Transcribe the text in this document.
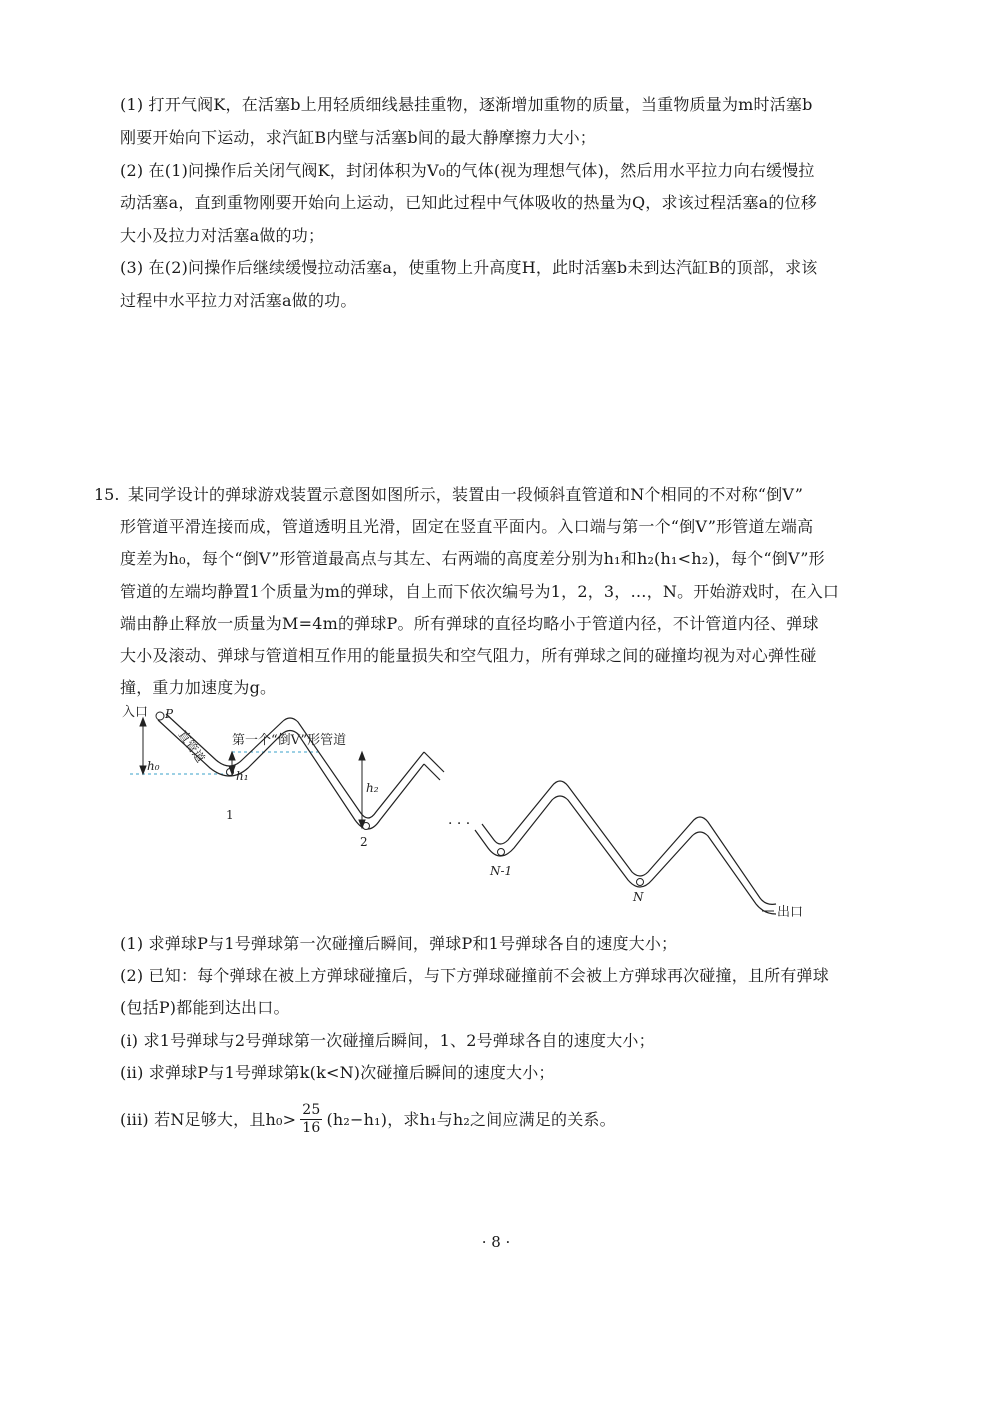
(1) 打开气阀K，在活塞b上用轻质细线悬挂重物，逐渐增加重物的质量，当重物质量为m时活塞b
刚要开始向下运动，求汽缸B内壁与活塞b间的最大静摩擦力大小；
(2) 在(1)问操作后关闭气阀K，封闭体积为V₀的气体(视为理想气体)，然后用水平拉力向右缓慢拉
动活塞a，直到重物刚要开始向上运动，已知此过程中气体吸收的热量为Q，求该过程活塞a的位移
大小及拉力对活塞a做的功；
(3) 在(2)问操作后继续缓慢拉动活塞a，使重物上升高度H，此时活塞b未到达汽缸B的顶部，求该
过程中水平拉力对活塞a做的功。
15. 某同学设计的弹球游戏装置示意图如图所示，装置由一段倾斜直管道和N个相同的不对称“倒V”
形管道平滑连接而成，管道透明且光滑，固定在竖直平面内。入口端与第一个“倒V”形管道左端高
度差为h₀，每个“倒V”形管道最高点与其左、右两端的高度差分别为h₁和h₂(h₁<h₂)，每个“倒V”形
管道的左端均静置1个质量为m的弹球，自上而下依次编号为1，2，3，…，N。开始游戏时，在入口
端由静止释放一质量为M=4m的弹球P。所有弹球的直径均略小于管道内径，不计管道内径、弹球
大小及滚动、弹球与管道相互作用的能量损失和空气阻力，所有弹球之间的碰撞均视为对心弹性碰
撞，重力加速度为g。
· · ·
入口 P
直管道 第一个“倒V”形管道
h₀
h₁
h₂
1
2
N-1
N
出口
(1) 求弹球P与1号弹球第一次碰撞后瞬间，弹球P和1号弹球各自的速度大小；
(2) 已知：每个弹球在被上方弹球碰撞后，与下方弹球碰撞前不会被上方弹球再次碰撞，且所有弹球
(包括P)都能到达出口。
(i) 求1号弹球与2号弹球第一次碰撞后瞬间，1、2号弹球各自的速度大小；
(ii) 求弹球P与1号弹球第k(k<N)次碰撞后瞬间的速度大小；
(iii) 若N足够大，且$h_0> \frac{25}{16} (h_2-h_1)$，求h₁与h₂之间应满足的关系。
· 8 ·
